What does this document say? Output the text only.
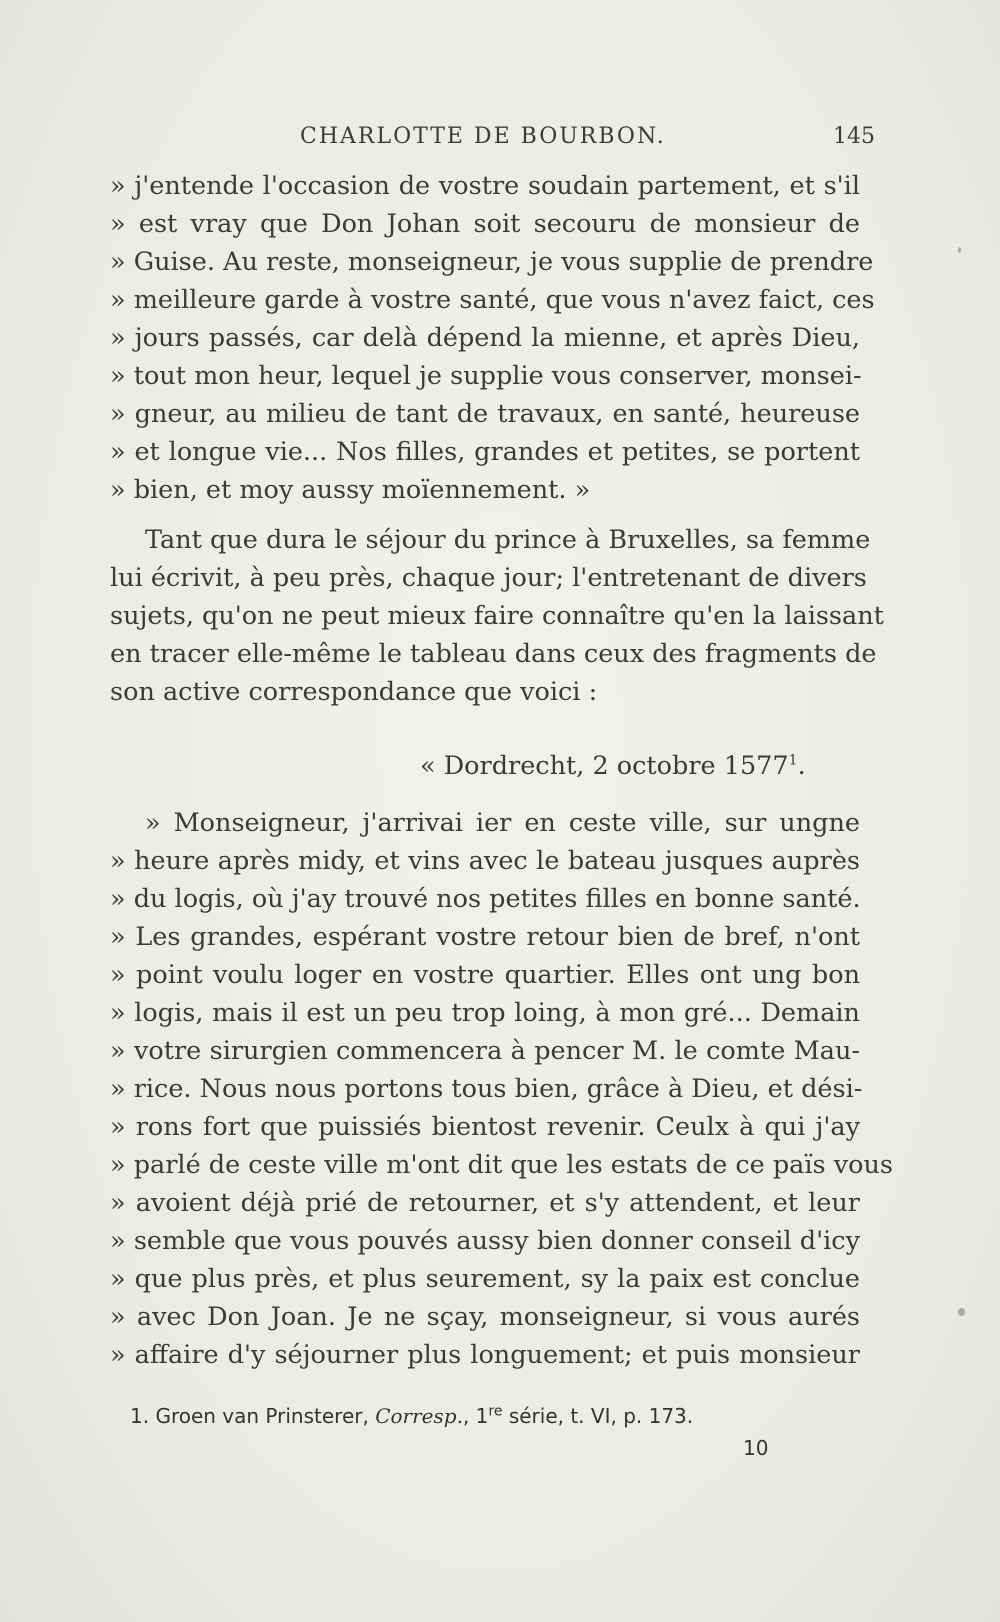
CHARLOTTE DE BOURBON.	145
» j'entende l'occasion de vostre soudain partement, et s'il
» est vray que Don Johan soit secouru de monsieur de
» Guise. Au reste, monseigneur, je vous supplie de prendre
» meilleure garde à vostre santé, que vous n'avez faict, ces
» jours passés, car delà dépend la mienne, et après Dieu,
» tout mon heur, lequel je supplie vous conserver, monsei-
» gneur, au milieu de tant de travaux, en santé, heureuse
» et longue vie... Nos filles, grandes et petites, se portent
» bien, et moy aussy moïennement. »
Tant que dura le séjour du prince à Bruxelles, sa femme
lui écrivit, à peu près, chaque jour; l'entretenant de divers
sujets, qu'on ne peut mieux faire connaître qu'en la laissant
en tracer elle-même le tableau dans ceux des fragments de
son active correspondance que voici :
« Dordrecht, 2 octobre 1577$^1$.
» Monseigneur, j'arrivai ier en ceste ville, sur ungne
» heure après midy, et vins avec le bateau jusques auprès
» du logis, où j'ay trouvé nos petites filles en bonne santé.
» Les grandes, espérant vostre retour bien de bref, n'ont
» point voulu loger en vostre quartier. Elles ont ung bon
» logis, mais il est un peu trop loing, à mon gré... Demain
» votre sirurgien commencera à pencer M. le comte Mau-
» rice. Nous nous portons tous bien, grâce à Dieu, et dési-
» rons fort que puissiés bientost revenir. Ceulx à qui j'ay
» parlé de ceste ville m'ont dit que les estats de ce païs vous
» avoient déjà prié de retourner, et s'y attendent, et leur
» semble que vous pouvés aussy bien donner conseil d'icy
» que plus près, et plus seurement, sy la paix est conclue
» avec Don Joan. Je ne sçay, monseigneur, si vous aurés
» affaire d'y séjourner plus longuement; et puis monsieur
1. Groen van Prinsterer, Corresp., 1re série, t. VI, p. 173.
10
